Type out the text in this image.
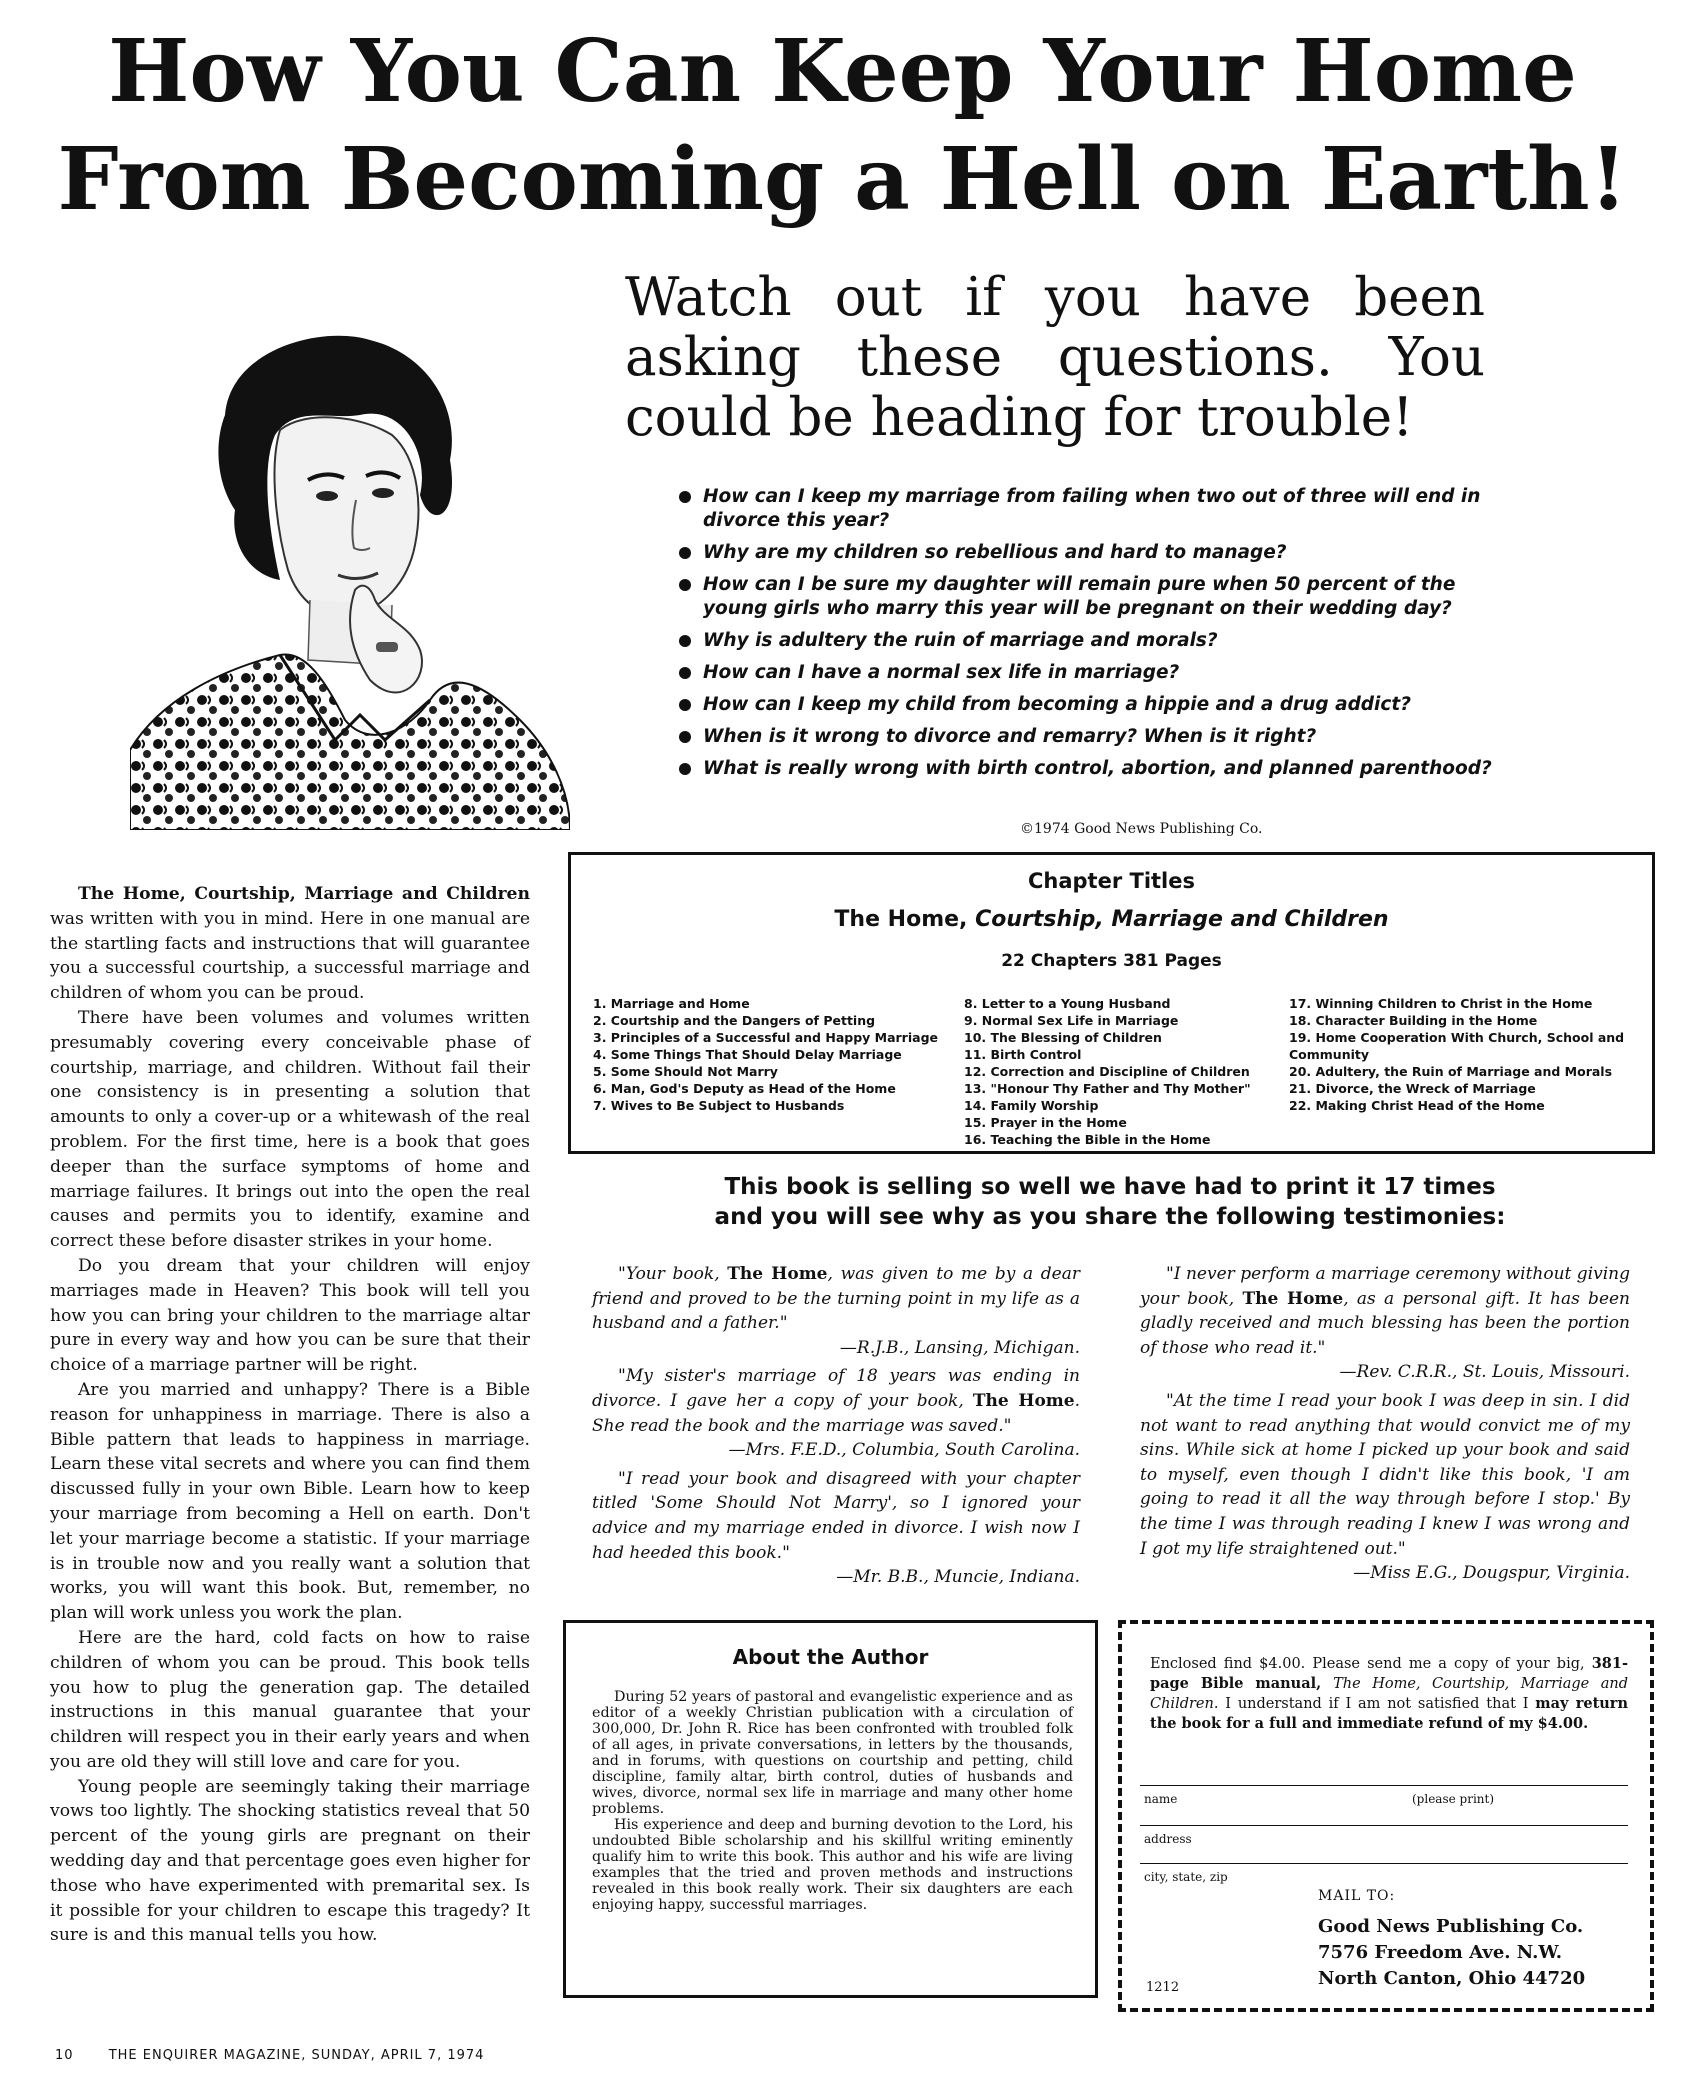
How You Can Keep Your Home
From Becoming a Hell on Earth!
Watch out if you have been asking these questions. You could be heading for trouble!
How can I keep my marriage from failing when two out of three will end in divorce this year?
Why are my children so rebellious and hard to manage?
How can I be sure my daughter will remain pure when 50 percent of the young girls who marry this year will be pregnant on their wedding day?
Why is adultery the ruin of marriage and morals?
How can I have a normal sex life in marriage?
How can I keep my child from becoming a hippie and a drug addict?
When is it wrong to divorce and remarry? When is it right?
What is really wrong with birth control, abortion, and planned parenthood?
©1974 Good News Publishing Co.

The Home, Courtship, Marriage and Children was written with you in mind. Here in one manual are the startling facts and instructions that will guarantee you a successful courtship, a successful marriage and children of whom you can be proud.

There have been volumes and volumes written presumably covering every conceivable phase of courtship, marriage, and children. Without fail their one consistency is in presenting a solution that amounts to only a cover-up or a whitewash of the real problem. For the first time, here is a book that goes deeper than the surface symptoms of home and marriage failures. It brings out into the open the real causes and permits you to identify, examine and correct these before disaster strikes in your home.

Do you dream that your children will enjoy marriages made in Heaven? This book will tell you how you can bring your children to the marriage altar pure in every way and how you can be sure that their choice of a marriage partner will be right.

Are you married and unhappy? There is a Bible reason for unhappiness in marriage. There is also a Bible pattern that leads to happiness in marriage. Learn these vital secrets and where you can find them discussed fully in your own Bible. Learn how to keep your marriage from becoming a Hell on earth. Don't let your marriage become a statistic. If your marriage is in trouble now and you really want a solution that works, you will want this book. But, remember, no plan will work unless you work the plan.

Here are the hard, cold facts on how to raise children of whom you can be proud. This book tells you how to plug the generation gap. The detailed instructions in this manual guarantee that your children will respect you in their early years and when you are old they will still love and care for you.

Young people are seemingly taking their marriage vows too lightly. The shocking statistics reveal that 50 percent of the young girls are pregnant on their wedding day and that percentage goes even higher for those who have experimented with premarital sex. Is it possible for your children to escape this tragedy? It sure is and this manual tells you how.

Chapter Titles
The Home, Courtship, Marriage and Children
22 Chapters 381 Pages
1. Marriage and Home
2. Courtship and the Dangers of Petting
3. Principles of a Successful and Happy Marriage
4. Some Things That Should Delay Marriage
5. Some Should Not Marry
6. Man, God's Deputy as Head of the Home
7. Wives to Be Subject to Husbands
8. Letter to a Young Husband
9. Normal Sex Life in Marriage
10. The Blessing of Children
11. Birth Control
12. Correction and Discipline of Children
13. "Honour Thy Father and Thy Mother"
14. Family Worship
15. Prayer in the Home
16. Teaching the Bible in the Home
17. Winning Children to Christ in the Home
18. Character Building in the Home
19. Home Cooperation With Church, School and Community
20. Adultery, the Ruin of Marriage and Morals
21. Divorce, the Wreck of Marriage
22. Making Christ Head of the Home
This book is selling so well we have had to print it 17 times and you will see why as you share the following testimonies:

"Your book, The Home, was given to me by a dear friend and proved to be the turning point in my life as a husband and a father."

—R.J.B., Lansing, Michigan.

"My sister's marriage of 18 years was ending in divorce. I gave her a copy of your book, The Home. She read the book and the marriage was saved."

—Mrs. F.E.D., Columbia, South Carolina.

"I read your book and disagreed with your chapter titled 'Some Should Not Marry', so I ignored your advice and my marriage ended in divorce. I wish now I had heeded this book."

—Mr. B.B., Muncie, Indiana.

"I never perform a marriage ceremony without giving your book, The Home, as a personal gift. It has been gladly received and much blessing has been the portion of those who read it."

—Rev. C.R.R., St. Louis, Missouri.

"At the time I read your book I was deep in sin. I did not want to read anything that would convict me of my sins. While sick at home I picked up your book and said to myself, even though I didn't like this book, 'I am going to read it all the way through before I stop.' By the time I was through reading I knew I was wrong and I got my life straightened out."

—Miss E.G., Dougspur, Virginia.

About the Author

During 52 years of pastoral and evangelistic experience and as editor of a weekly Christian publication with a circulation of 300,000, Dr. John R. Rice has been confronted with troubled folk of all ages, in private conversations, in letters by the thousands, and in forums, with questions on courtship and petting, child discipline, family altar, birth control, duties of husbands and wives, divorce, normal sex life in marriage and many other home problems.

His experience and deep and burning devotion to the Lord, his undoubted Bible scholarship and his skillful writing eminently qualify him to write this book. This author and his wife are living examples that the tried and proven methods and instructions revealed in this book really work. Their six daughters are each enjoying happy, successful marriages.

Enclosed find $4.00. Please send me a copy of your big, 381-page Bible manual, The Home, Courtship, Marriage and Children. I understand if I am not satisfied that I may return the book for a full and immediate refund of my $4.00.
name	(please print)
address
city, state, zip
MAIL TO:
Good News Publishing Co.
7576 Freedom Ave. N.W.
North Canton, Ohio 44720
1212
10	THE ENQUIRER MAGAZINE, SUNDAY, APRIL 7, 1974
